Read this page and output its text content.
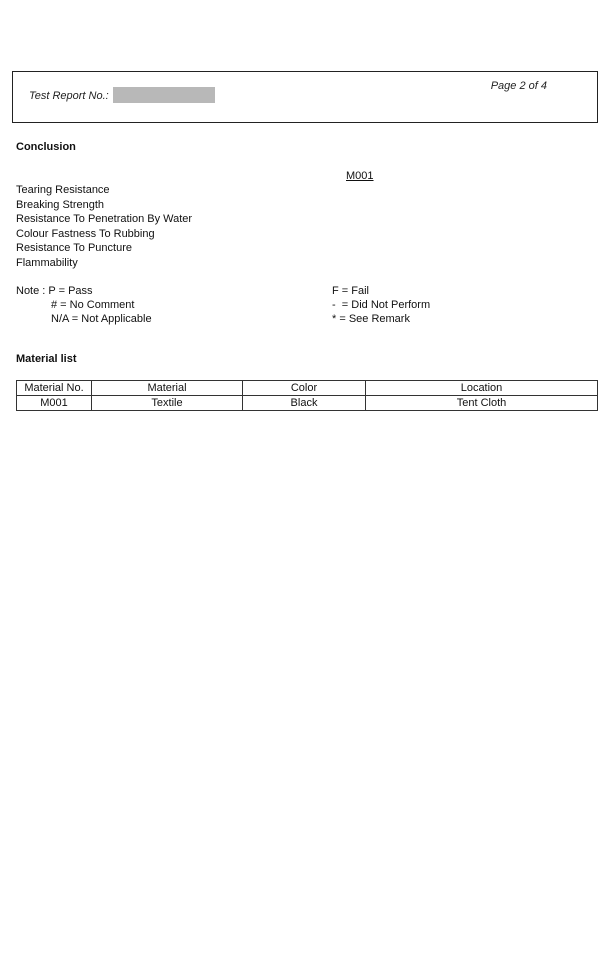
Test Report No.:
Page 2 of 4
Conclusion
M001
Tearing Resistance
Breaking Strength
Resistance To Penetration By Water
Colour Fastness To Rubbing
Resistance To Puncture
Flammability
Note : P = Pass
# = No Comment
N/A = Not Applicable
F = Fail
-  = Did Not Perform
* = See Remark
Material list
Material No.	Material	Color	Location
M001	Textile	Black	Tent Cloth
